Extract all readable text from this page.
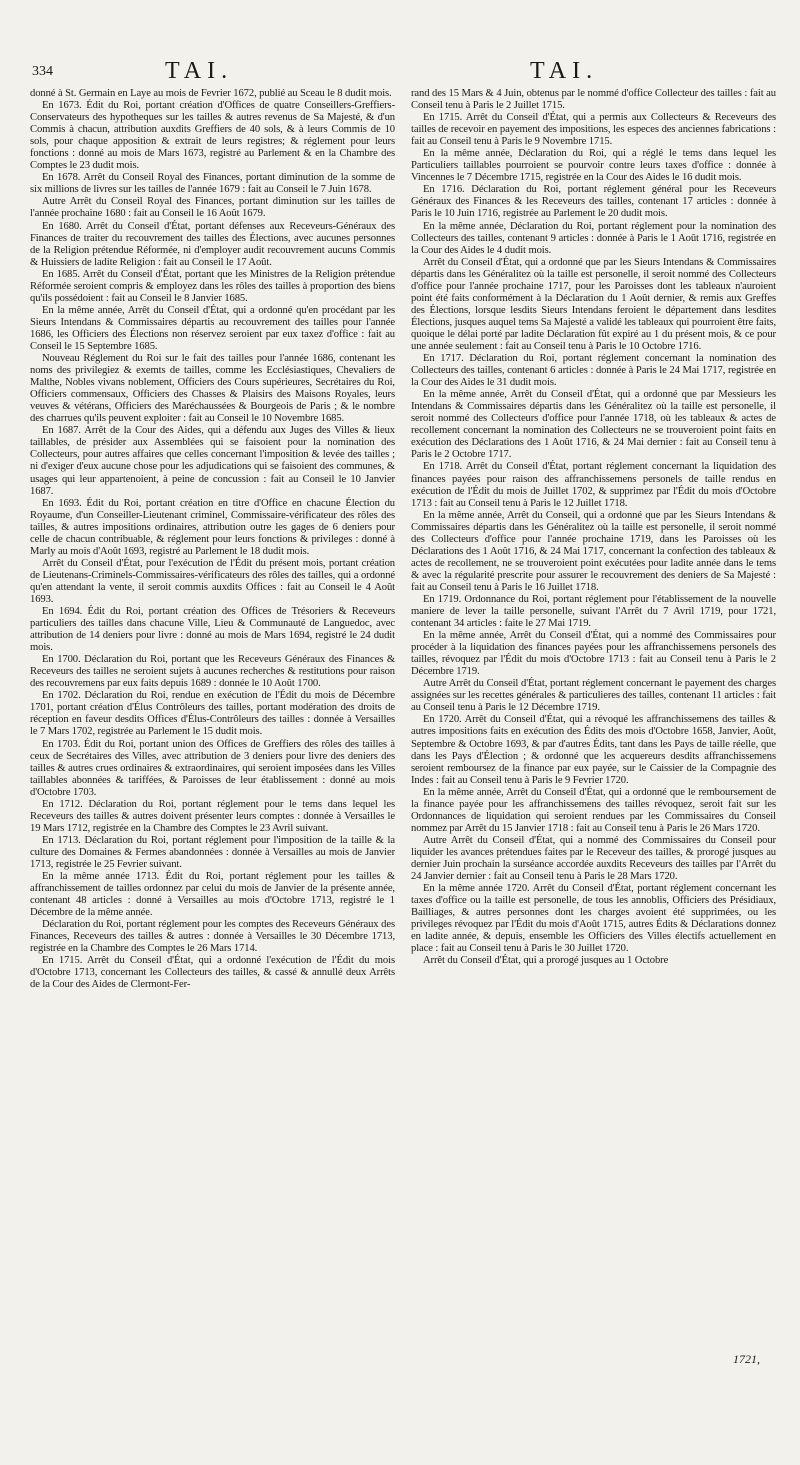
334	TAI.	TAI.

donné à St. Germain en Laye au mois de Fevrier 1672, publié au Sceau le 8 dudit mois.

En 1673. Édit du Roi, portant création d'Offices de quatre Conseillers-Greffiers-Conservateurs des hypotheques sur les tailles & autres revenus de Sa Majesté, & d'un Commis à chacun, attribution auxdits Greffiers de 40 sols, & à leurs Commis de 10 sols, pour chaque apposition & extrait de leurs registres; & réglement pour leurs fonctions : donné au mois de Mars 1673, registré au Parlement & en la Chambre des Comptes le 23 dudit mois.

En 1678. Arrêt du Conseil Royal des Finances, portant diminution de la somme de six millions de livres sur les tailles de l'année 1679 : fait au Conseil le 7 Juin 1678.

Autre Arrêt du Conseil Royal des Finances, portant diminution sur les tailles de l'année prochaine 1680 : fait au Conseil le 16 Août 1679.

En 1680. Arrêt du Conseil d'État, portant défenses aux Receveurs-Généraux des Finances de traiter du recouvrement des tailles des Élections, avec aucunes personnes de la Religion prétendue Réformée, ni d'employer audit recouvrement aucuns Commis & Huissiers de ladite Religion : fait au Conseil le 17 Août.

En 1685. Arrêt du Conseil d'État, portant que les Ministres de la Religion prétendue Réformée seroient compris & employez dans les rôles des tailles à proportion des biens qu'ils possédoient : fait au Conseil le 8 Janvier 1685.

En la même année, Arrêt du Conseil d'État, qui a ordonné qu'en procédant par les Sieurs Intendans & Commissaires départis au recouvrement des tailles pour l'année 1686, les Officiers des Élections non réservez seroient par eux taxez d'office : fait au Conseil le 15 Septembre 1685.

Nouveau Réglement du Roi sur le fait des tailles pour l'année 1686, contenant les noms des privilegiez & exemts de tailles, comme les Ecclésiastiques, Chevaliers de Malthe, Nobles vivans noblement, Officiers des Cours supérieures, Secrétaires du Roi, Officiers commensaux, Officiers des Chasses & Plaisirs des Maisons Royales, leurs veuves & vétérans, Officiers des Maréchaussées & Bourgeois de Paris ; & le nombre des charrues qu'ils peuvent exploiter : fait au Conseil le 10 Novembre 1685.

En 1687. Arrêt de la Cour des Aides, qui a défendu aux Juges des Villes & lieux taillables, de présider aux Assemblées qui se faisoient pour la nomination des Collecteurs, pour autres affaires que celles concernant l'imposition & levée des tailles ; ni d'exiger d'eux aucune chose pour les adjudications qui se faisoient des communes, & usages qui leur appartenoient, à peine de concussion : fait au Conseil le 10 Janvier 1687.

En 1693. Édit du Roi, portant création en titre d'Office en chacune Élection du Royaume, d'un Conseiller-Lieutenant criminel, Commissaire-vérificateur des rôles des tailles, & autres impositions ordinaires, attribution outre les gages de 6 deniers pour celle de chacun contribuable, & réglement pour leurs fonctions & privileges : donné à Marly au mois d'Août 1693, registré au Parlement le 18 dudit mois.

Arrêt du Conseil d'État, pour l'exécution de l'Édit du présent mois, portant création de Lieutenans-Criminels-Commissaires-vérificateurs des rôles des tailles, qui a ordonné qu'en attendant la vente, il seroit commis auxdits Offices : fait au Conseil le 4 Août 1693.

En 1694. Édit du Roi, portant création des Offices de Trésoriers & Receveurs particuliers des tailles dans chacune Ville, Lieu & Communauté de Languedoc, avec attribution de 14 deniers pour livre : donné au mois de Mars 1694, registré le 24 dudit mois.

En 1700. Déclaration du Roi, portant que les Receveurs Généraux des Finances & Receveurs des tailles ne seroient sujets à aucunes recherches & restitutions pour raison des recouvremens par eux faits depuis 1689 : donnée le 10 Août 1700.

En 1702. Déclaration du Roi, rendue en exécution de l'Édit du mois de Décembre 1701, portant création d'Élus Contrôleurs des tailles, portant modération des droits de réception en faveur desdits Offices d'Élus-Contrôleurs des tailles : donnée à Versailles le 7 Mars 1702, registrée au Parlement le 15 dudit mois.

En 1703. Édit du Roi, portant union des Offices de Greffiers des rôles des tailles à ceux de Secrétaires des Villes, avec attribution de 3 deniers pour livre des deniers des tailles & autres crues ordinaires & extraordinaires, qui seroient imposées dans les Villes taillables abonnées & tariffées, & Paroisses de leur établissement : donné au mois d'Octobre 1703.

En 1712. Déclaration du Roi, portant réglement pour le tems dans lequel les Receveurs des tailles & autres doivent présenter leurs comptes : donnée à Versailles le 19 Mars 1712, registrée en la Chambre des Comptes le 23 Avril suivant.

En 1713. Déclaration du Roi, portant réglement pour l'imposition de la taille & la culture des Domaines & Fermes abandonnées : donnée à Versailles au mois de Janvier 1713, registrée le 25 Fevrier suivant.

En la même année 1713. Édit du Roi, portant réglement pour les tailles & affranchissement de tailles ordonnez par celui du mois de Janvier de la présente année, contenant 48 articles : donné à Versailles au mois d'Octobre 1713, registré le 1 Décembre de la même année.

Déclaration du Roi, portant réglement pour les comptes des Receveurs Généraux des Finances, Receveurs des tailles & autres : donnée à Versailles le 30 Décembre 1713, registrée en la Chambre des Comptes le 26 Mars 1714.

En 1715. Arrêt du Conseil d'État, qui a ordonné l'exécution de l'Édit du mois d'Octobre 1713, concernant les Collecteurs des tailles, & cassé & annullé deux Arrêts de la Cour des Aides de Clermont-Fer-

rand des 15 Mars & 4 Juin, obtenus par le nommé d'office Collecteur des tailles : fait au Conseil tenu à Paris le 2 Juillet 1715.

En 1715. Arrêt du Conseil d'État, qui a permis aux Collecteurs & Receveurs des tailles de recevoir en payement des impositions, les especes des anciennes fabrications : fait au Conseil tenu à Paris le 9 Novembre 1715.

En la même année, Déclaration du Roi, qui a réglé le tems dans lequel les Particuliers taillables pourroient se pourvoir contre leurs taxes d'office : donnée à Vincennes le 7 Décembre 1715, registrée en la Cour des Aides le 16 dudit mois.

En 1716. Déclaration du Roi, portant réglement général pour les Receveurs Généraux des Finances & les Receveurs des tailles, contenant 17 articles : donnée à Paris le 10 Juin 1716, registrée au Parlement le 20 dudit mois.

En la même année, Déclaration du Roi, portant réglement pour la nomination des Collecteurs des tailles, contenant 9 articles : donnée à Paris le 1 Août 1716, registrée en la Cour des Aides le 4 dudit mois.

Arrêt du Conseil d'État, qui a ordonné que par les Sieurs Intendans & Commissaires départis dans les Généralitez où la taille est personelle, il seroit nommé des Collecteurs d'office pour l'année prochaine 1717, pour les Paroisses dont les tableaux n'auroient point été faits conformément à la Déclaration du 1 Août dernier, & remis aux Greffes des Élections, lorsque lesdits Sieurs Intendans feroient le département dans lesdites Élections, jusques auquel tems Sa Majesté a validé les tableaux qui pourroient être faits, quoique le délai porté par ladite Déclaration fût expiré au 1 du présent mois, & ce pour une année seulement : fait au Conseil tenu à Paris le 10 Octobre 1716.

En 1717. Déclaration du Roi, portant réglement concernant la nomination des Collecteurs des tailles, contenant 6 articles : donnée à Paris le 24 Mai 1717, registrée en la Cour des Aides le 31 dudit mois.

En la même année, Arrêt du Conseil d'État, qui a ordonné que par Messieurs les Intendans & Commissaires départis dans les Généralitez où la taille est personelle, il seroit nommé des Collecteurs d'office pour l'année 1718, où les tableaux & actes de recollement concernant la nomination des Collecteurs ne se trouveroient point faits en exécution des Déclarations des 1 Août 1716, & 24 Mai dernier : fait au Conseil tenu à Paris le 2 Octobre 1717.

En 1718. Arrêt du Conseil d'État, portant réglement concernant la liquidation des finances payées pour raison des affranchissemens personels de taille rendus en exécution de l'Édit du mois de Juillet 1702, & supprimez par l'Édit du mois d'Octobre 1713 : fait au Conseil tenu à Paris le 12 Juillet 1718.

En la même année, Arrêt du Conseil, qui a ordonné que par les Sieurs Intendans & Commissaires départis dans les Généralitez où la taille est personelle, il seroit nommé des Collecteurs d'office pour l'année prochaine 1719, dans les Paroisses où les Déclarations des 1 Août 1716, & 24 Mai 1717, concernant la confection des tableaux & actes de recollement, ne se trouveroient point exécutées pour ladite année dans le tems & avec la régularité prescrite pour assurer le recouvrement des deniers de Sa Majesté : fait au Conseil tenu à Paris le 16 Juillet 1718.

En 1719. Ordonnance du Roi, portant réglement pour l'établissement de la nouvelle maniere de lever la taille personelle, suivant l'Arrêt du 7 Avril 1719, pour 1721, contenant 34 articles : faite le 27 Mai 1719.

En la même année, Arrêt du Conseil d'État, qui a nommé des Commissaires pour procéder à la liquidation des finances payées pour les affranchissemens personels des tailles, révoquez par l'Édit du mois d'Octobre 1713 : fait au Conseil tenu à Paris le 2 Décembre 1719.

Autre Arrêt du Conseil d'État, portant réglement concernant le payement des charges assignées sur les recettes générales & particulieres des tailles, contenant 11 articles : fait au Conseil tenu à Paris le 12 Décembre 1719.

En 1720. Arrêt du Conseil d'État, qui a révoqué les affranchissemens des tailles & autres impositions faits en exécution des Édits des mois d'Octobre 1658, Janvier, Août, Septembre & Octobre 1693, & par d'autres Édits, tant dans les Pays de taille réelle, que dans les Pays d'Élection ; & ordonné que les acquereurs desdits affranchissemens seroient remboursez de la finance par eux payée, sur le Caissier de la Compagnie des Indes : fait au Conseil tenu à Paris le 9 Fevrier 1720.

En la même année, Arrêt du Conseil d'État, qui a ordonné que le remboursement de la finance payée pour les affranchissemens des tailles révoquez, seroit fait sur les Ordonnances de liquidation qui seroient rendues par les Commissaires du Conseil nommez par Arrêt du 15 Janvier 1718 : fait au Conseil tenu à Paris le 26 Mars 1720.

Autre Arrêt du Conseil d'État, qui a nommé des Commissaires du Conseil pour liquider les avances prétendues faites par le Receveur des tailles, & prorogé jusques au dernier Juin prochain la surséance accordée auxdits Receveurs des tailles par l'Arrêt du 24 Janvier dernier : fait au Conseil tenu à Paris le 28 Mars 1720.

En la même année 1720. Arrêt du Conseil d'État, portant réglement concernant les taxes d'office ou la taille est personelle, de tous les annoblis, Officiers des Présidiaux, Bailliages, & autres personnes dont les charges avoient été supprimées, ou les privileges révoquez par l'Édit du mois d'Août 1715, autres Édits & Déclarations donnez en ladite année, & depuis, ensemble les Officiers des Villes électifs actuellement en place : fait au Conseil tenu à Paris le 30 Juillet 1720.

Arrêt du Conseil d'État, qui a prorogé jusques au 1 Octobre

1721,
